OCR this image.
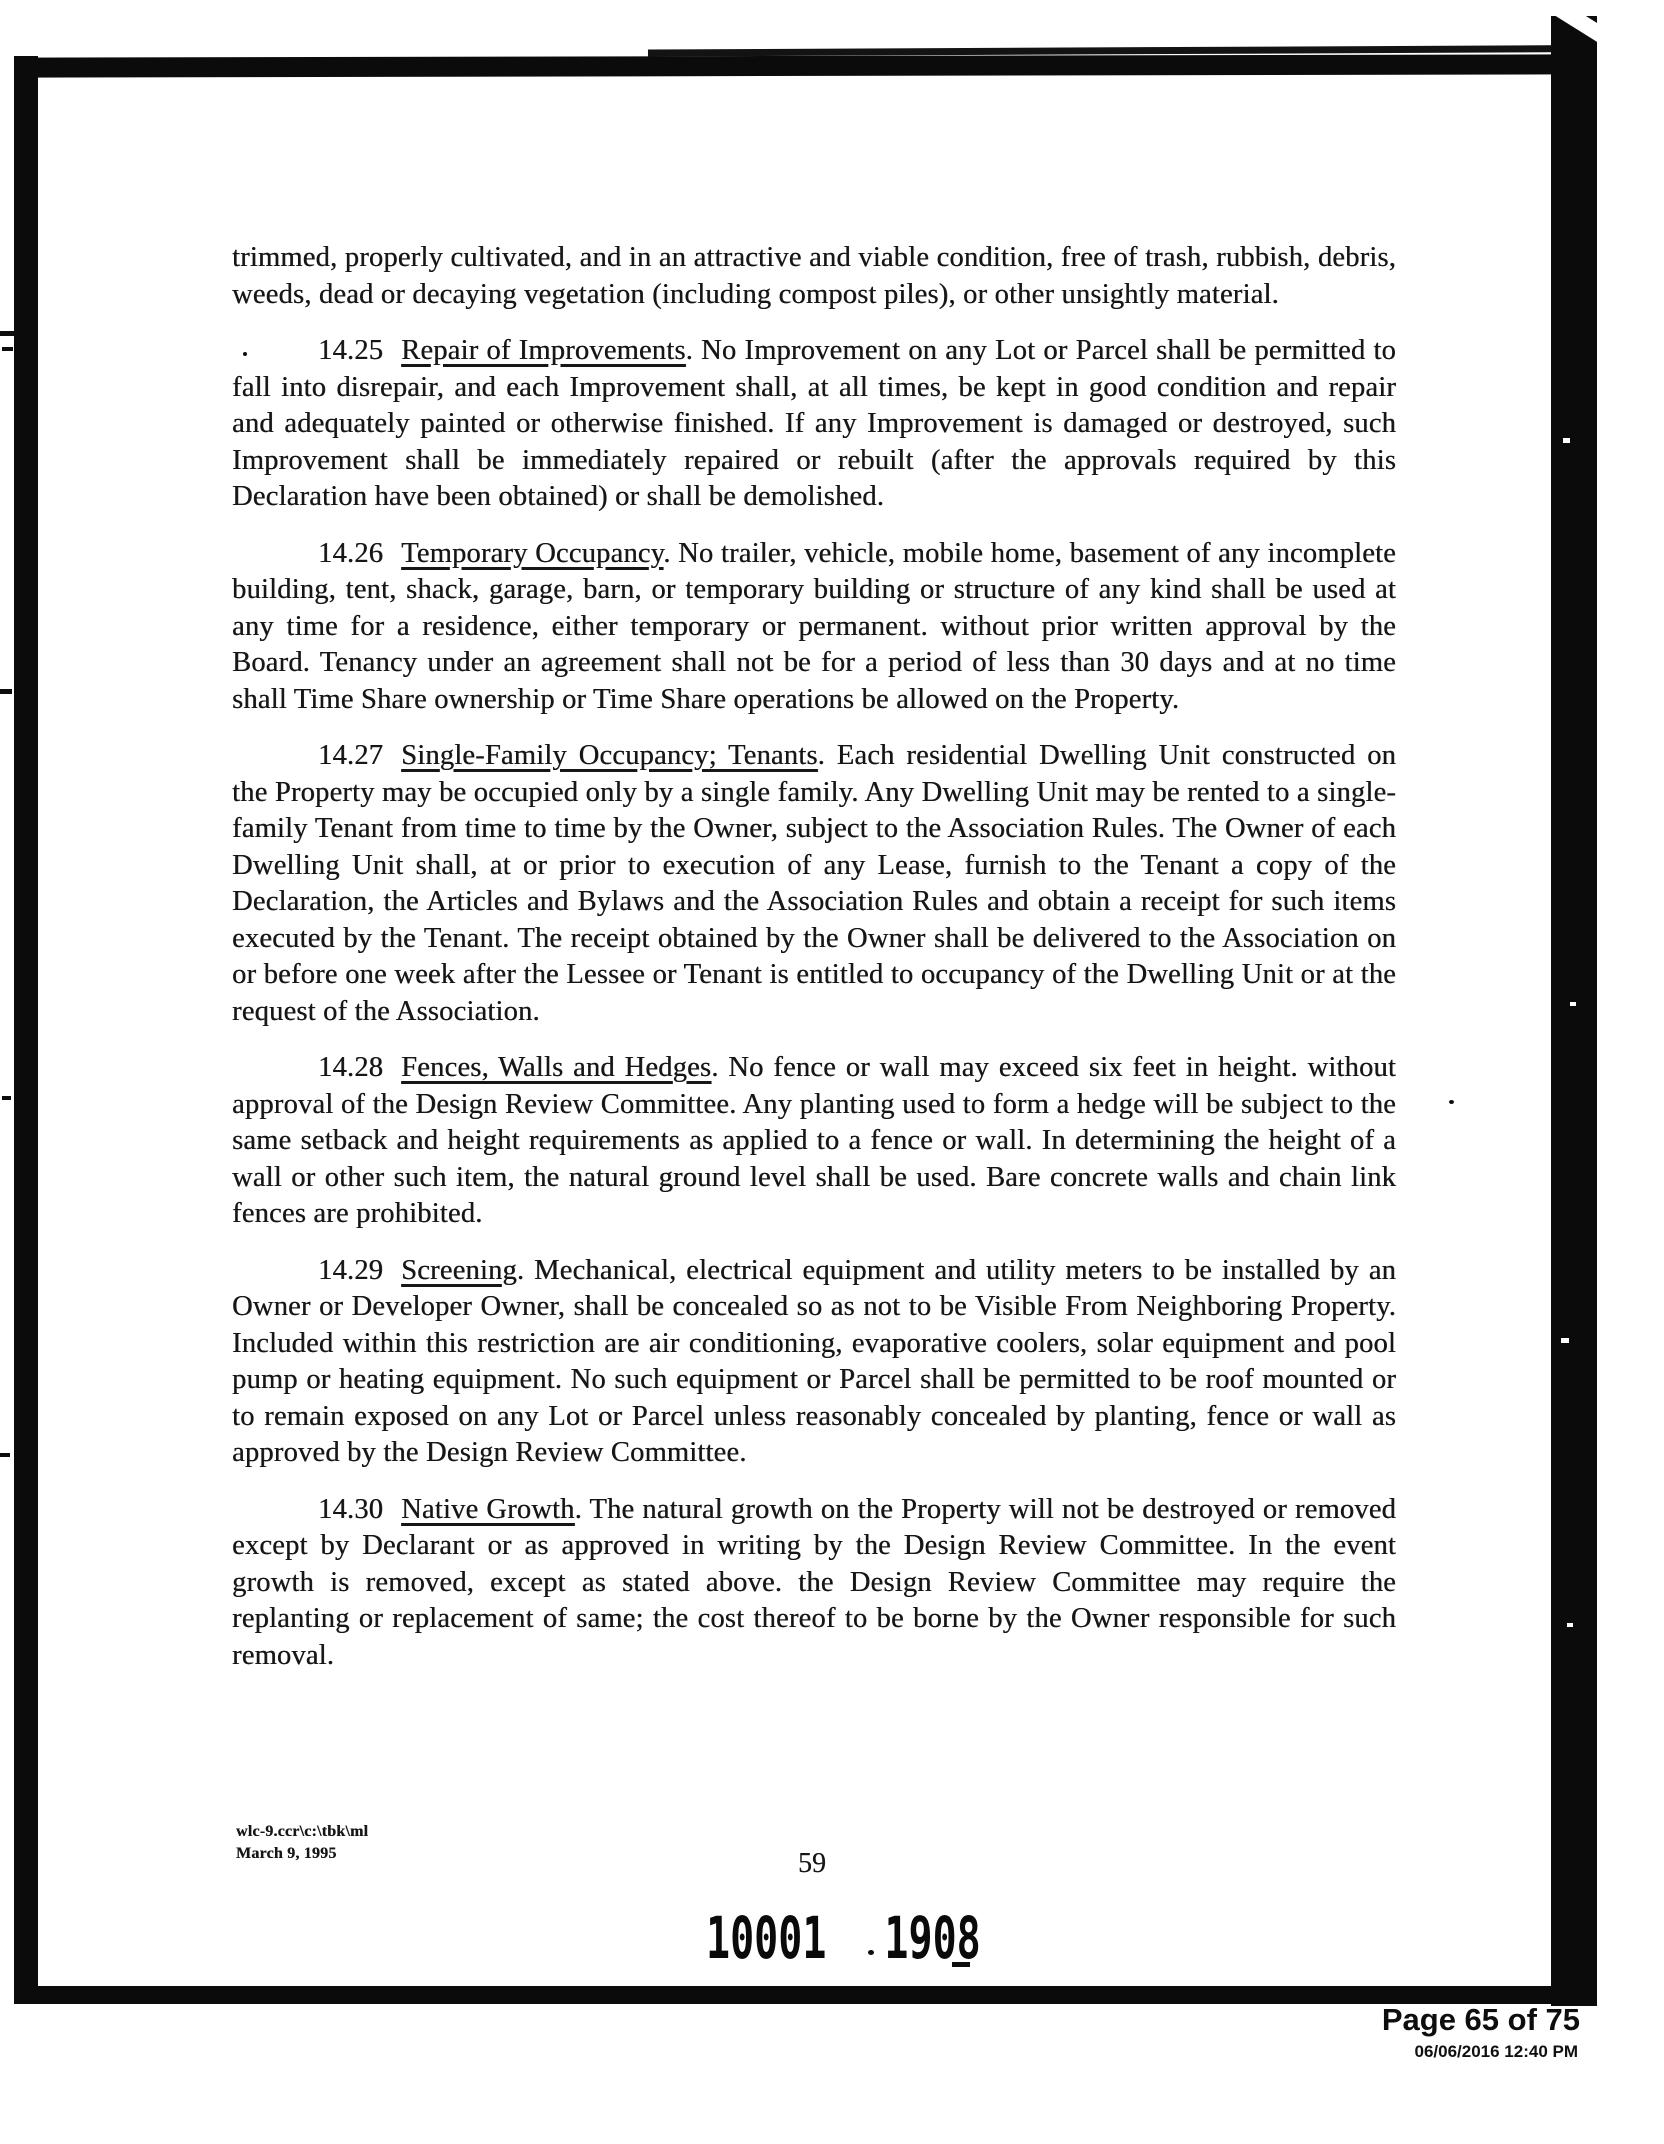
trimmed, properly cultivated, and in an attractive and viable condition, free of trash, rubbish, debris, weeds, dead or decaying vegetation (including compost piles), or other unsightly material.

14.25 Repair of Improvements. No Improvement on any Lot or Parcel shall be permitted to fall into disrepair, and each Improvement shall, at all times, be kept in good condition and repair and adequately painted or otherwise finished. If any Improvement is damaged or destroyed, such Improvement shall be immediately repaired or rebuilt (after the approvals required by this Declaration have been obtained) or shall be demolished.

14.26 Temporary Occupancy. No trailer, vehicle, mobile home, basement of any incomplete building, tent, shack, garage, barn, or temporary building or structure of any kind shall be used at any time for a residence, either temporary or permanent. without prior written approval by the Board. Tenancy under an agreement shall not be for a period of less than 30 days and at no time shall Time Share ownership or Time Share operations be allowed on the Property.

14.27 Single-Family Occupancy; Tenants. Each residential Dwelling Unit constructed on the Property may be occupied only by a single family. Any Dwelling Unit may be rented to a single-family Tenant from time to time by the Owner, subject to the Association Rules. The Owner of each Dwelling Unit shall, at or prior to execution of any Lease, furnish to the Tenant a copy of the Declaration, the Articles and Bylaws and the Association Rules and obtain a receipt for such items executed by the Tenant. The receipt obtained by the Owner shall be delivered to the Association on or before one week after the Lessee or Tenant is entitled to occupancy of the Dwelling Unit or at the request of the Association.

14.28 Fences, Walls and Hedges. No fence or wall may exceed six feet in height. without approval of the Design Review Committee. Any planting used to form a hedge will be subject to the same setback and height requirements as applied to a fence or wall. In determining the height of a wall or other such item, the natural ground level shall be used. Bare concrete walls and chain link fences are prohibited.

14.29 Screening. Mechanical, electrical equipment and utility meters to be installed by an Owner or Developer Owner, shall be concealed so as not to be Visible From Neighboring Property. Included within this restriction are air conditioning, evaporative coolers, solar equipment and pool pump or heating equipment. No such equipment or Parcel shall be permitted to be roof mounted or to remain exposed on any Lot or Parcel unless reasonably concealed by planting, fence or wall as approved by the Design Review Committee.

14.30 Native Growth. The natural growth on the Property will not be destroyed or removed except by Declarant or as approved in writing by the Design Review Committee. In the event growth is removed, except as stated above. the Design Review Committee may require the replanting or replacement of same; the cost thereof to be borne by the Owner responsible for such removal.

wlc-9.ccr\c:\tbk\ml
March 9, 1995	59
10001 1908
Page 65 of 75
06/06/2016 12:40 PM
